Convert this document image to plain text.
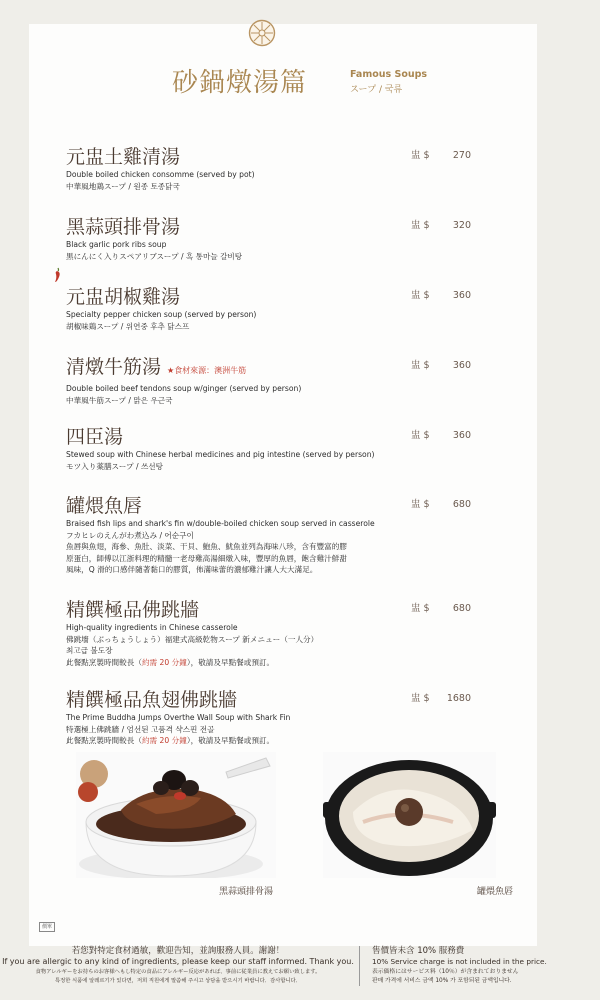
砂鍋燉湯篇	Famous Soups
スープ / 국류
元盅土雞清湯
Double boiled chicken consomme (served by pot)
中華風地鶏スープ / 원종 토종닭국
盅 $ 270
黑蒜頭排骨湯
Black garlic pork ribs soup
黒にんにく入りスペアリブスープ / 흑 통마늘 갈비탕
盅 $ 320
元盅胡椒雞湯
Specialty pepper chicken soup (served by person)
胡椒味鶏スープ / 위연중 후추 닭스프
盅 $ 360
清燉牛筋湯 ★食材來源：澳洲牛筋
Double boiled beef tendons soup w/ginger (served by person)
中華風牛筋スープ / 맑은 우근국
盅 $ 360
四臣湯
Stewed soup with Chinese herbal medicines and pig intestine (served by person)
モツ入り薬膳スープ / 쓰선탕
盅 $ 360
罐煨魚唇
Braised fish lips and shark's fin w/double-boiled chicken soup served in casserole
フカヒレのえんがわ煮込み / 어순구이
魚唇與魚翅，海參、魚肚、淡菜、干貝、鮑魚、魷魚並列為海味八珍，含有豐富的膠
原蛋白，師傅以江浙料理的精髓一老母雞高湯細燉入味，豐厚的魚唇，飽含雞汁鮮甜
風味，Q 滑的口感伴隨著黏口的膠質，佈滿味蕾的濃郁雞汁讓人大大滿足。
盅 $ 680
精饌極品佛跳牆
High-quality ingredients in Chinese casserole
佛跳墻（ぶっちょうしょう）福建式高級乾物スープ 新メニュー（一人分）
최고급 불도장
此餐點烹製時間較長（約需 20 分鐘），敬請及早點餐或預訂。
盅 $ 680
精饌極品魚翅佛跳牆
The Prime Buddha Jumps Overthe Wall Soup with Shark Fin
特選極上佛跳牆 / 엄선된 고품격 샥스핀 전골
此餐點烹製時間較長（約需 20 分鐘），敬請及早點餐或預訂。
盅 $ 1680
黑蒜頭排骨湯	罐煨魚唇
價單
若您對特定食材過敏，歡迎告知，並詢服務人員。謝謝！
If you are allergic to any kind of ingredients, please keep our staff informed. Thank you.
食物アレルギーをお持ちのお客様へもし特定の食品にアレルギー反応があれば、事前に従業員に教えてお願い致します。
특정한 식품에 알레르기가 있다면，저희 직원에게 말씀해 주시고 상담을 받으시기 바랍니다．감사합니다．
售價皆未含 10% 服務費
10% Service charge is not included in the price.
表示価格にはサービス料（10％）が含まれておりません
판매 가격에 서비스 금액 10% 가 포함되된 금액입니다．
